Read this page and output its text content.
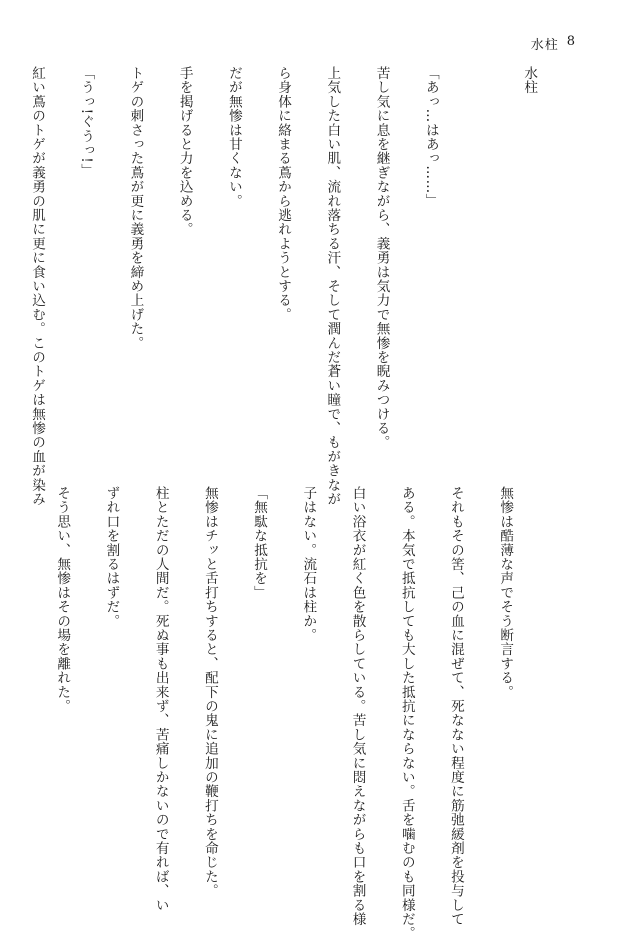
水柱 8

水柱

「あっ…はあっ……」

苦し気に息を継ぎながら、義勇は気力で無惨を睨みつける。

上気した白い肌、流れ落ちる汗、そして潤んだ蒼い瞳で、もがきなが

ら身体に絡まる蔦から逃れようとする。

だが無惨は甘くない。

手を掲げると力を込める。

トゲの刺さった蔦が更に義勇を締め上げた。

「うっ!ぐうっ!」

紅い蔦のトゲが義勇の肌に更に食い込む。このトゲは無惨の血が染み

無惨は酷薄な声でそう断言する。

それもその筈、己の血に混ぜて、死なない程度に筋弛緩剤を投与して

ある。本気で抵抗しても大した抵抗にならない。舌を噛むのも同様だ。

白い浴衣が紅く色を散らしている。苦し気に悶えながらも口を割る様

子はない。流石は柱か。

「無駄な抵抗を」

無惨はチッと舌打ちすると、配下の鬼に追加の鞭打ちを命じた。

柱とただの人間だ。死ぬ事も出来ず、苦痛しかないので有れば、い

ずれ口を割るはずだ。

そう思い、無惨はその場を離れた。
